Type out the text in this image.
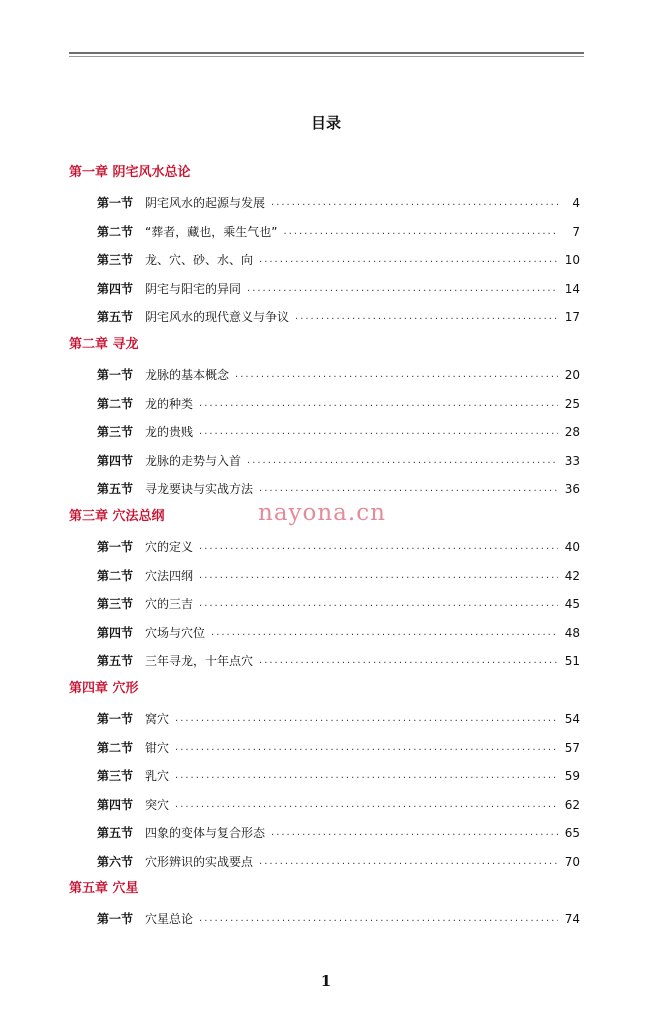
目录
第一章 阴宅风水总论
第一节 阴宅风水的起源与发展 .....	4
第二节 “葬者，藏也，乘生气也” .....	7
第三节 龙、穴、砂、水、向 .....	10
第四节 阴宅与阳宅的异同 .....	14
第五节 阴宅风水的现代意义与争议 .....	17
第二章 寻龙
第一节 龙脉的基本概念 .....	20
第二节 龙的种类 .....	25
第三节 龙的贵贱 .....	28
第四节 龙脉的走势与入首 .....	33
第五节 寻龙要诀与实战方法 .....	36
第三章 穴法总纲
第一节 穴的定义 .....	40
第二节 穴法四纲 .....	42
第三节 穴的三吉 .....	45
第四节 穴场与穴位 .....	48
第五节 三年寻龙，十年点穴 .....	51
第四章 穴形
第一节 窝穴 .....	54
第二节 钳穴 .....	57
第三节 乳穴 .....	59
第四节 突穴 .....	62
第五节 四象的变体与复合形态 .....	65
第六节 穴形辨识的实战要点 .....	70
第五章 穴星
第一节 穴星总论 .....	74
nayona.cn
1
